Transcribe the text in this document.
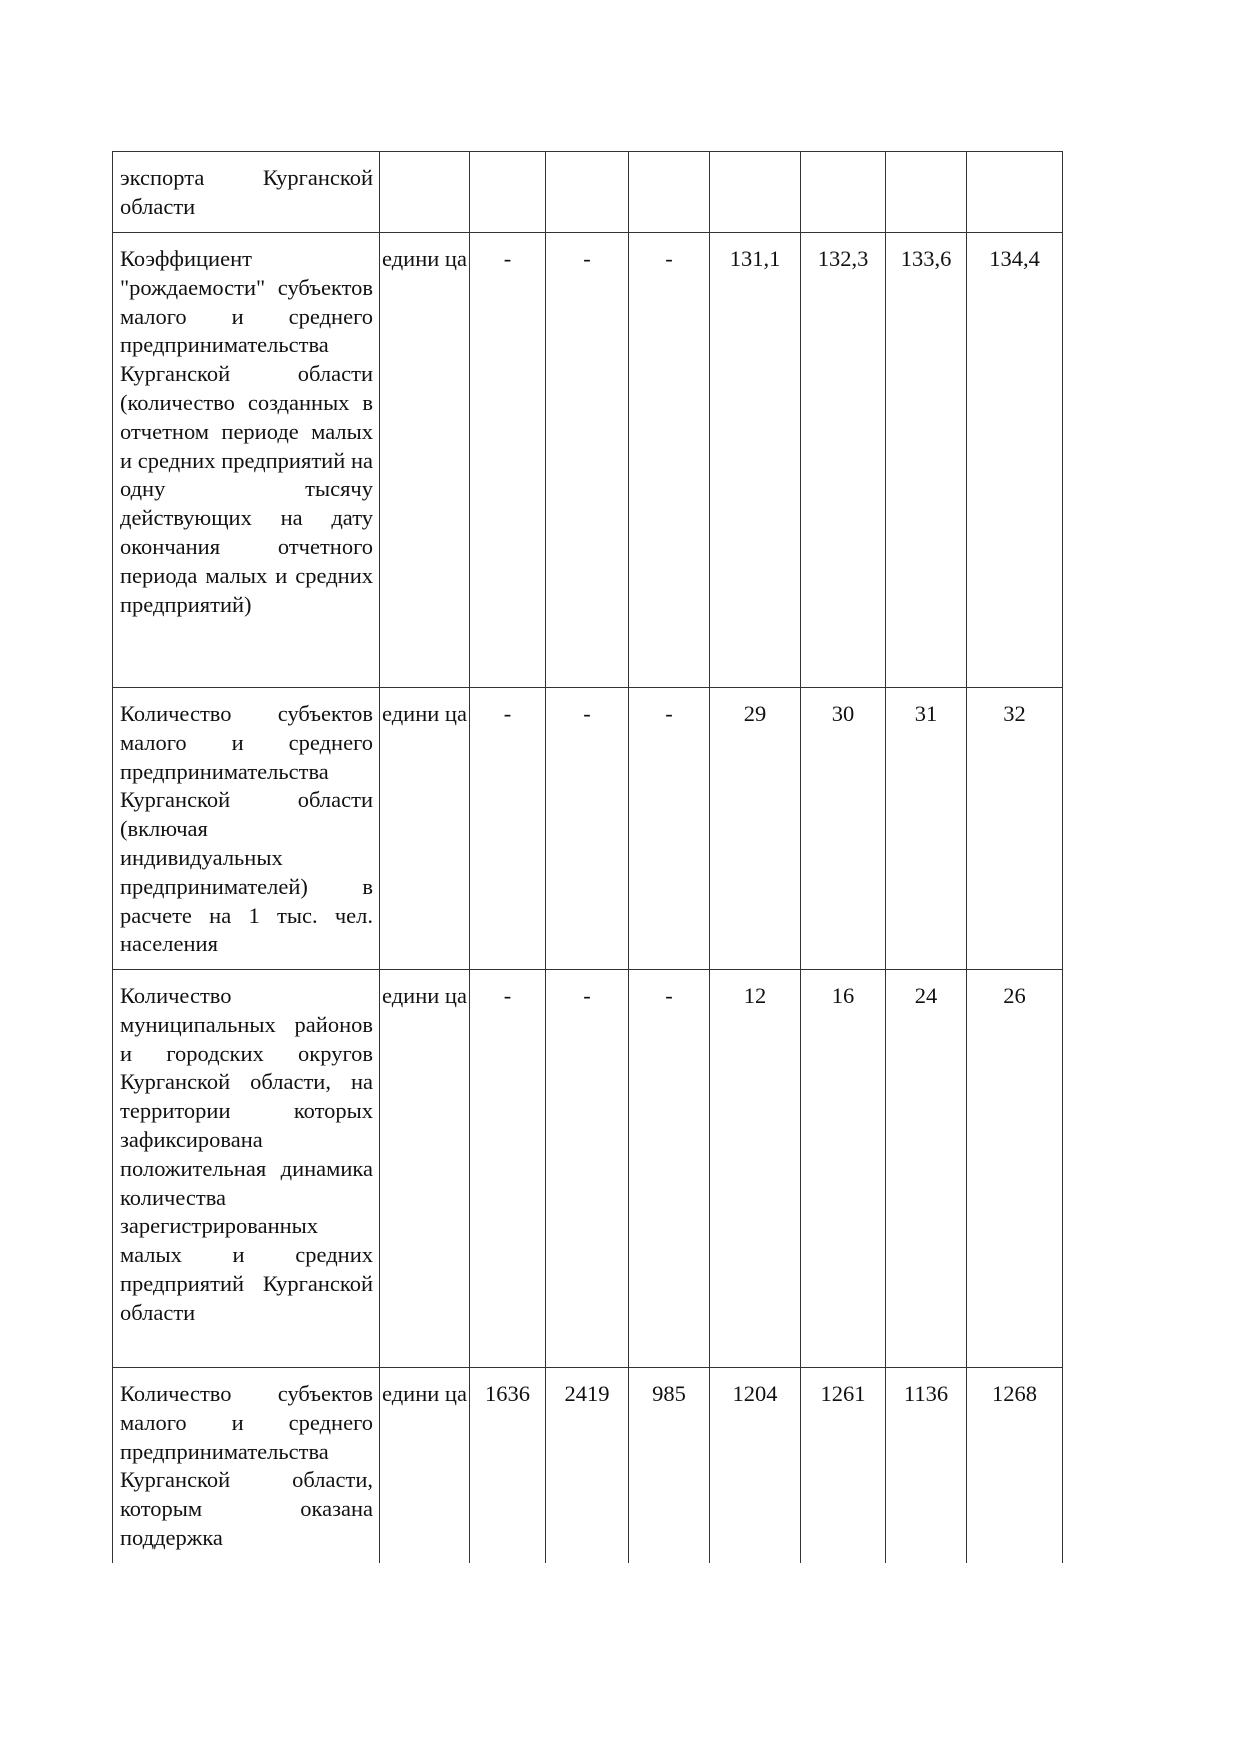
экспорта Курганской области								
Коэффициент "рождаемости" субъектов малого и среднего предпринимательства Курганской области (количество созданных в отчетном периоде малых и средних предприятий на одну тысячу действующих на дату окончания отчетного периода малых и средних предприятий)	едини ца	-	-	-	131,1	132,3	133,6	134,4
Количество субъектов малого и среднего предпринимательства Курганской области (включая индивидуальных предпринимателей) в расчете на 1 тыс. чел. населения	едини ца	-	-	-	29	30	31	32
Количество муниципальных районов и городских округов Курганской области, на территории которых зафиксирована положительная динамика количества зарегистрированных малых и средних предприятий Курганской области	едини ца	-	-	-	12	16	24	26
Количество субъектов малого и среднего предпринимательства Курганской области, которым оказана поддержка	едини ца	1636	2419	985	1204	1261	1136	1268
